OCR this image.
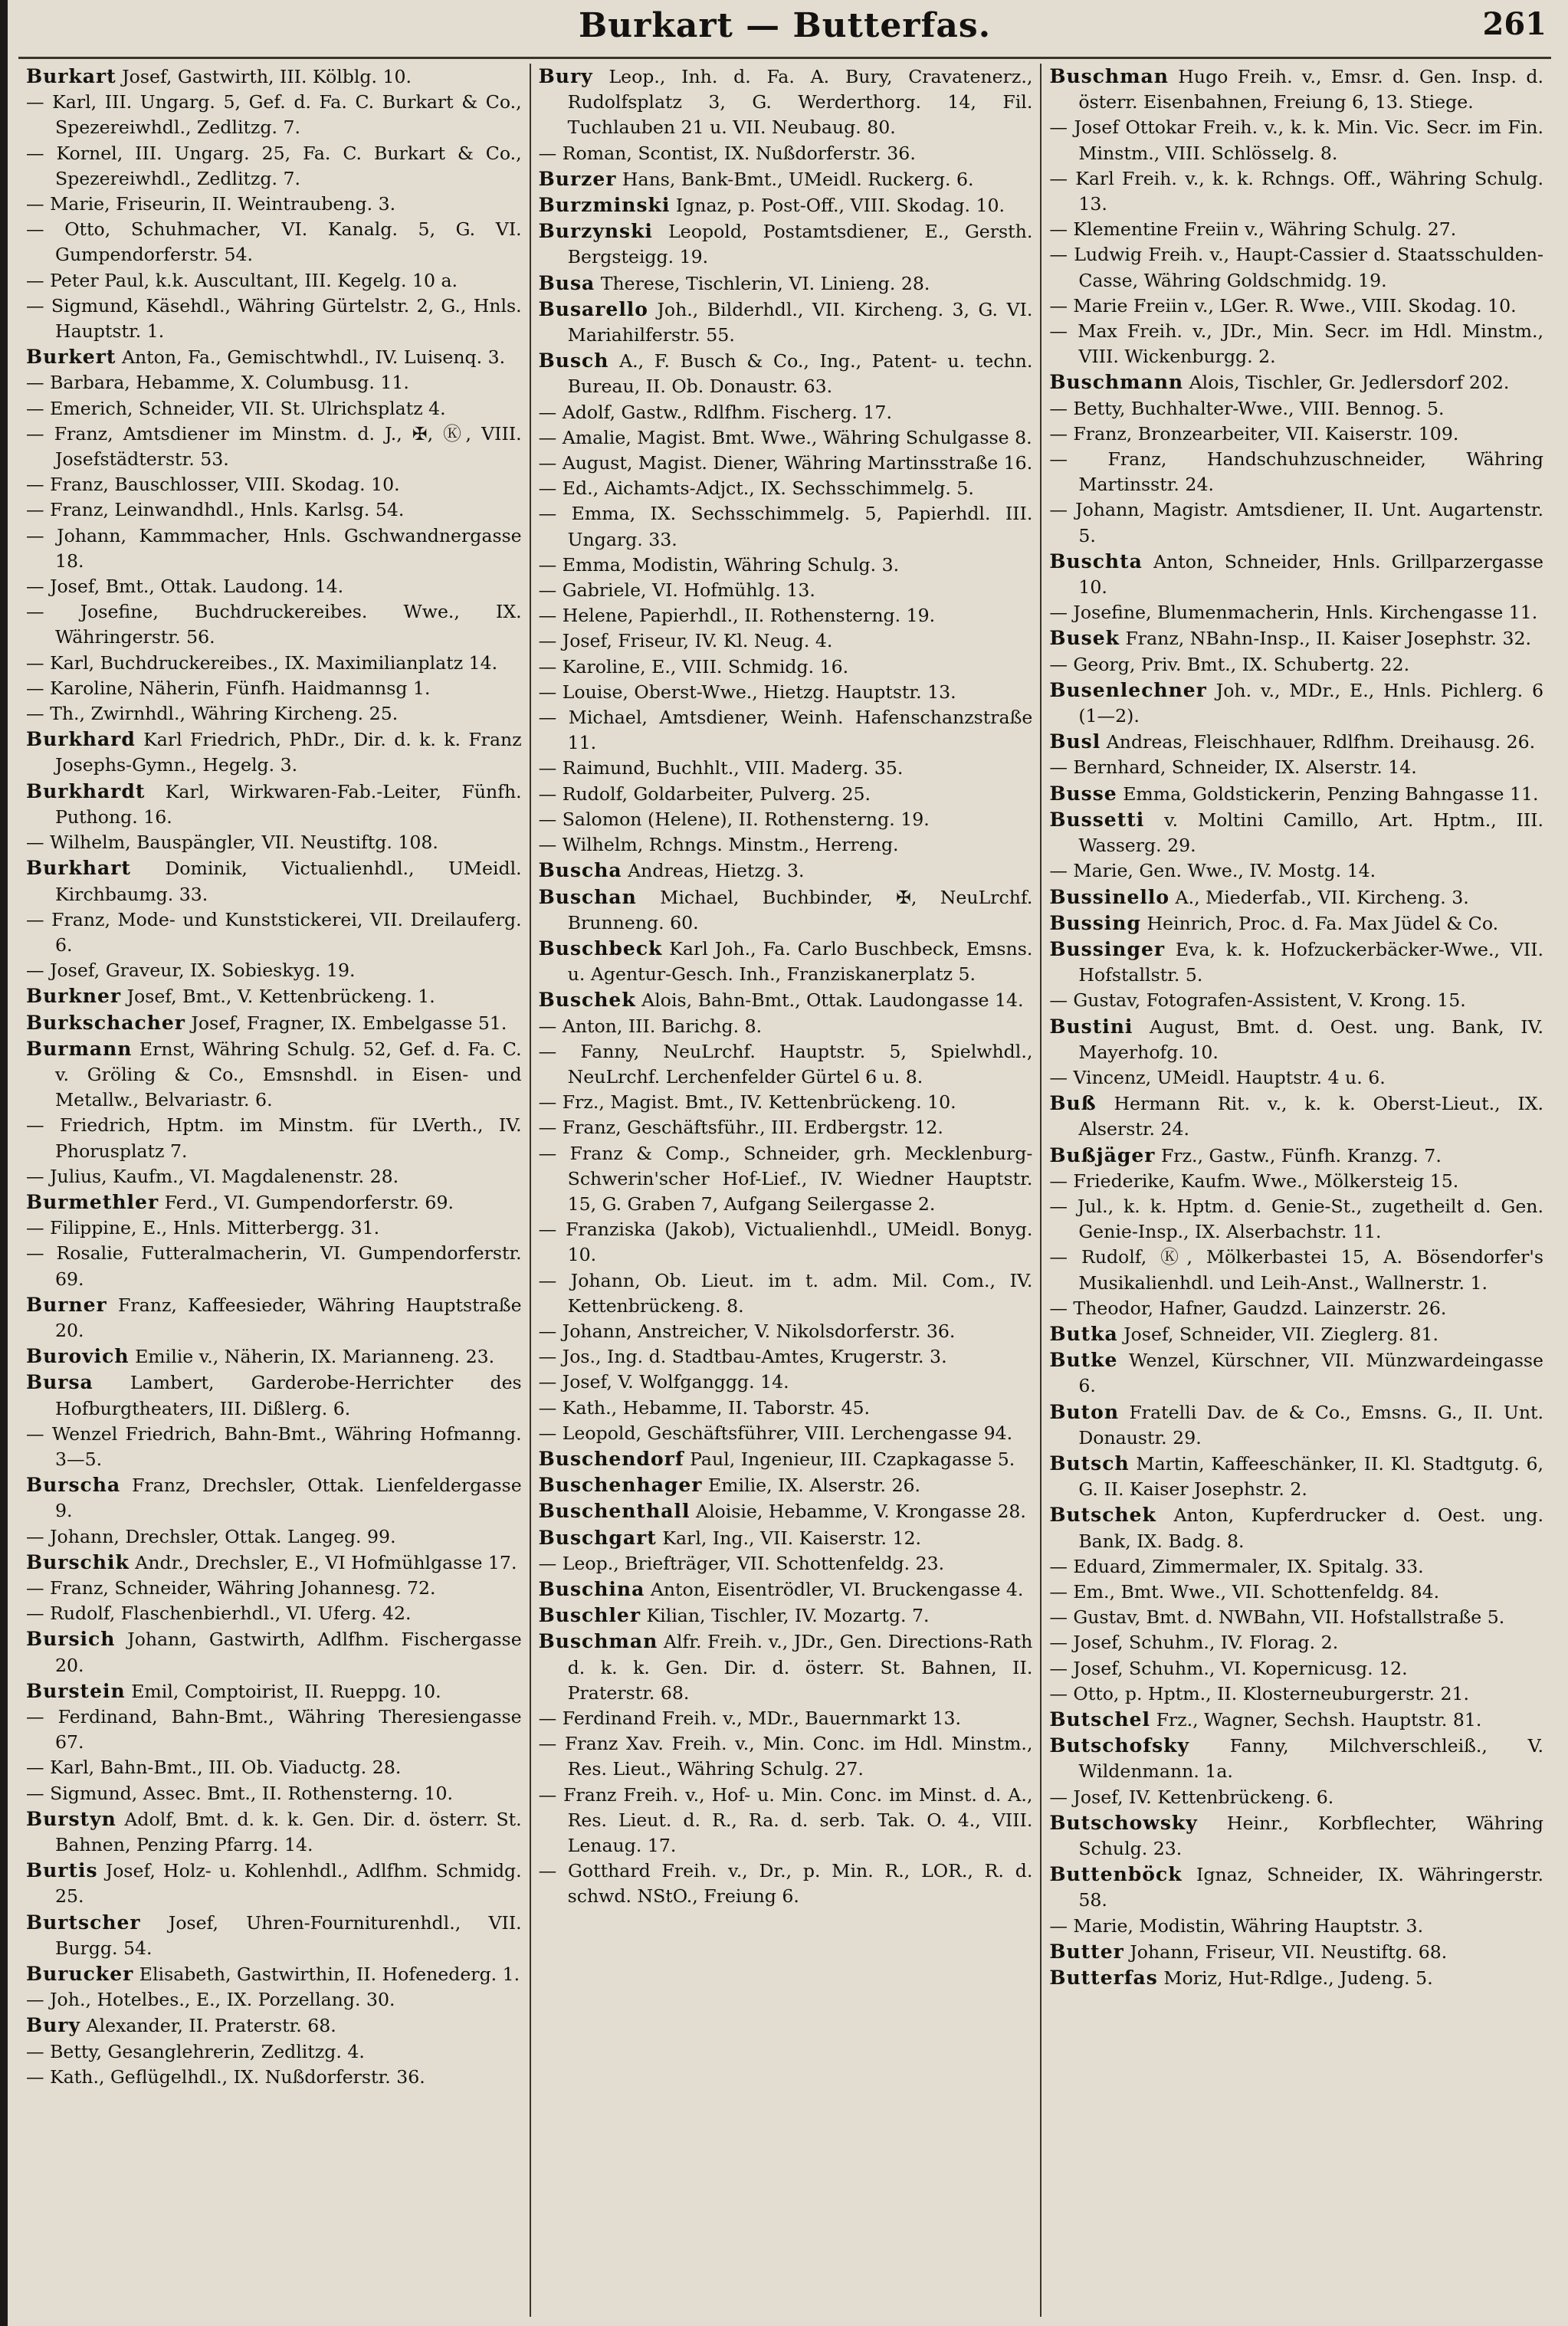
Burkart — Butterfas.	261

Burkart Josef, Gastwirth, III. Kölblg. 10.

— Karl, III. Ungarg. 5, Gef. d. Fa. C. Burkart & Co., Spezereiwhdl., Zedlitzg. 7.

— Kornel, III. Ungarg. 25, Fa. C. Burkart & Co., Spezereiwhdl., Zedlitzg. 7.

— Marie, Friseurin, II. Weintraubeng. 3.

— Otto, Schuhmacher, VI. Kanalg. 5, G. VI. Gumpendorferstr. 54.

— Peter Paul, k.k. Auscultant, III. Kegelg. 10 a.

— Sigmund, Käsehdl., Währing Gürtelstr. 2, G., Hnls. Hauptstr. 1.

Burkert Anton, Fa., Gemischtwhdl., IV. Luisenq. 3.

— Barbara, Hebamme, X. Columbusg. 11.

— Emerich, Schneider, VII. St. Ulrichsplatz 4.

— Franz, Amtsdiener im Minstm. d. J., ✠, Ⓚ, VIII. Josefstädterstr. 53.

— Franz, Bauschlosser, VIII. Skodag. 10.

— Franz, Leinwandhdl., Hnls. Karlsg. 54.

— Johann, Kammmacher, Hnls. Gschwandnergasse 18.

— Josef, Bmt., Ottak. Laudong. 14.

— Josefine, Buchdruckereibes. Wwe., IX. Währingerstr. 56.

— Karl, Buchdruckereibes., IX. Maximilianplatz 14.

— Karoline, Näherin, Fünfh. Haidmannsg 1.

— Th., Zwirnhdl., Währing Kircheng. 25.

Burkhard Karl Friedrich, PhDr., Dir. d. k. k. Franz Josephs-Gymn., Hegelg. 3.

Burkhardt Karl, Wirkwaren-Fab.-Leiter, Fünfh. Puthong. 16.

— Wilhelm, Bauspängler, VII. Neustiftg. 108.

Burkhart Dominik, Victualienhdl., UMeidl. Kirchbaumg. 33.

— Franz, Mode- und Kunststickerei, VII. Dreilauferg. 6.

— Josef, Graveur, IX. Sobieskyg. 19.

Burkner Josef, Bmt., V. Kettenbrückeng. 1.

Burkschacher Josef, Fragner, IX. Embelgasse 51.

Burmann Ernst, Währing Schulg. 52, Gef. d. Fa. C. v. Gröling & Co., Emsnshdl. in Eisen- und Metallw., Belvariastr. 6.

— Friedrich, Hptm. im Minstm. für LVerth., IV. Phorusplatz 7.

— Julius, Kaufm., VI. Magdalenenstr. 28.

Burmethler Ferd., VI. Gumpendorferstr. 69.

— Filippine, E., Hnls. Mitterbergg. 31.

— Rosalie, Futteralmacherin, VI. Gumpendorferstr. 69.

Burner Franz, Kaffeesieder, Währing Hauptstraße 20.

Burovich Emilie v., Näherin, IX. Marianneng. 23.

Bursa Lambert, Garderobe-Herrichter des Hofburgtheaters, III. Dißlerg. 6.

— Wenzel Friedrich, Bahn-Bmt., Währing Hofmanng. 3—5.

Burscha Franz, Drechsler, Ottak. Lienfeldergasse 9.

— Johann, Drechsler, Ottak. Langeg. 99.

Burschik Andr., Drechsler, E., VI Hofmühlgasse 17.

— Franz, Schneider, Währing Johannesg. 72.

— Rudolf, Flaschenbierhdl., VI. Uferg. 42.

Bursich Johann, Gastwirth, Adlfhm. Fischergasse 20.

Burstein Emil, Comptoirist, II. Rueppg. 10.

— Ferdinand, Bahn-Bmt., Währing Theresiengasse 67.

— Karl, Bahn-Bmt., III. Ob. Viaductg. 28.

— Sigmund, Assec. Bmt., II. Rothensterng. 10.

Burstyn Adolf, Bmt. d. k. k. Gen. Dir. d. österr. St. Bahnen, Penzing Pfarrg. 14.

Burtis Josef, Holz- u. Kohlenhdl., Adlfhm. Schmidg. 25.

Burtscher Josef, Uhren-Fourniturenhdl., VII. Burgg. 54.

Burucker Elisabeth, Gastwirthin, II. Hofenederg. 1.

— Joh., Hotelbes., E., IX. Porzellang. 30.

Bury Alexander, II. Praterstr. 68.

— Betty, Gesanglehrerin, Zedlitzg. 4.

— Kath., Geflügelhdl., IX. Nußdorferstr. 36.

Bury Leop., Inh. d. Fa. A. Bury, Cravatenerz., Rudolfsplatz 3, G. Werderthorg. 14, Fil. Tuchlauben 21 u. VII. Neubaug. 80.

— Roman, Scontist, IX. Nußdorferstr. 36.

Burzer Hans, Bank-Bmt., UMeidl. Ruckerg. 6.

Burzminski Ignaz, p. Post-Off., VIII. Skodag. 10.

Burzynski Leopold, Postamtsdiener, E., Gersth. Bergsteigg. 19.

Busa Therese, Tischlerin, VI. Linieng. 28.

Busarello Joh., Bilderhdl., VII. Kircheng. 3, G. VI. Mariahilferstr. 55.

Busch A., F. Busch & Co., Ing., Patent- u. techn. Bureau, II. Ob. Donaustr. 63.

— Adolf, Gastw., Rdlfhm. Fischerg. 17.

— Amalie, Magist. Bmt. Wwe., Währing Schulgasse 8.

— August, Magist. Diener, Währing Martinsstraße 16.

— Ed., Aichamts-Adjct., IX. Sechsschimmelg. 5.

— Emma, IX. Sechsschimmelg. 5, Papierhdl. III. Ungarg. 33.

— Emma, Modistin, Währing Schulg. 3.

— Gabriele, VI. Hofmühlg. 13.

— Helene, Papierhdl., II. Rothensterng. 19.

— Josef, Friseur, IV. Kl. Neug. 4.

— Karoline, E., VIII. Schmidg. 16.

— Louise, Oberst-Wwe., Hietzg. Hauptstr. 13.

— Michael, Amtsdiener, Weinh. Hafenschanzstraße 11.

— Raimund, Buchhlt., VIII. Maderg. 35.

— Rudolf, Goldarbeiter, Pulverg. 25.

— Salomon (Helene), II. Rothensterng. 19.

— Wilhelm, Rchngs. Minstm., Herreng.

Buscha Andreas, Hietzg. 3.

Buschan Michael, Buchbinder, ✠, NeuLrchf. Brunneng. 60.

Buschbeck Karl Joh., Fa. Carlo Buschbeck, Emsns. u. Agentur-Gesch. Inh., Franziskanerplatz 5.

Buschek Alois, Bahn-Bmt., Ottak. Laudongasse 14.

— Anton, III. Barichg. 8.

— Fanny, NeuLrchf. Hauptstr. 5, Spielwhdl., NeuLrchf. Lerchenfelder Gürtel 6 u. 8.

— Frz., Magist. Bmt., IV. Kettenbrückeng. 10.

— Franz, Geschäftsführ., III. Erdbergstr. 12.

— Franz & Comp., Schneider, grh. Mecklenburg-Schwerin'scher Hof-Lief., IV. Wiedner Hauptstr. 15, G. Graben 7, Aufgang Seilergasse 2.

— Franziska (Jakob), Victualienhdl., UMeidl. Bonyg. 10.

— Johann, Ob. Lieut. im t. adm. Mil. Com., IV. Kettenbrückeng. 8.

— Johann, Anstreicher, V. Nikolsdorferstr. 36.

— Jos., Ing. d. Stadtbau-Amtes, Krugerstr. 3.

— Josef, V. Wolfganggg. 14.

— Kath., Hebamme, II. Taborstr. 45.

— Leopold, Geschäftsführer, VIII. Lerchengasse 94.

Buschendorf Paul, Ingenieur, III. Czapkagasse 5.

Buschenhager Emilie, IX. Alserstr. 26.

Buschenthall Aloisie, Hebamme, V. Krongasse 28.

Buschgart Karl, Ing., VII. Kaiserstr. 12.

— Leop., Briefträger, VII. Schottenfeldg. 23.

Buschina Anton, Eisentrödler, VI. Bruckengasse 4.

Buschler Kilian, Tischler, IV. Mozartg. 7.

Buschman Alfr. Freih. v., JDr., Gen. Directions-Rath d. k. k. Gen. Dir. d. österr. St. Bahnen, II. Praterstr. 68.

— Ferdinand Freih. v., MDr., Bauernmarkt 13.

— Franz Xav. Freih. v., Min. Conc. im Hdl. Minstm., Res. Lieut., Währing Schulg. 27.

— Franz Freih. v., Hof- u. Min. Conc. im Minst. d. A., Res. Lieut. d. R., Ra. d. serb. Tak. O. 4., VIII. Lenaug. 17.

— Gotthard Freih. v., Dr., p. Min. R., LOR., R. d. schwd. NStO., Freiung 6.

Buschman Hugo Freih. v., Emsr. d. Gen. Insp. d. österr. Eisenbahnen, Freiung 6, 13. Stiege.

— Josef Ottokar Freih. v., k. k. Min. Vic. Secr. im Fin. Minstm., VIII. Schlösselg. 8.

— Karl Freih. v., k. k. Rchngs. Off., Währing Schulg. 13.

— Klementine Freiin v., Währing Schulg. 27.

— Ludwig Freih. v., Haupt-Cassier d. Staatsschulden-Casse, Währing Goldschmidg. 19.

— Marie Freiin v., LGer. R. Wwe., VIII. Skodag. 10.

— Max Freih. v., JDr., Min. Secr. im Hdl. Minstm., VIII. Wickenburgg. 2.

Buschmann Alois, Tischler, Gr. Jedlersdorf 202.

— Betty, Buchhalter-Wwe., VIII. Bennog. 5.

— Franz, Bronzearbeiter, VII. Kaiserstr. 109.

— Franz, Handschuhzuschneider, Währing Martinsstr. 24.

— Johann, Magistr. Amtsdiener, II. Unt. Augartenstr. 5.

Buschta Anton, Schneider, Hnls. Grillparzergasse 10.

— Josefine, Blumenmacherin, Hnls. Kirchengasse 11.

Busek Franz, NBahn-Insp., II. Kaiser Josephstr. 32.

— Georg, Priv. Bmt., IX. Schubertg. 22.

Busenlechner Joh. v., MDr., E., Hnls. Pichlerg. 6 (1—2).

Busl Andreas, Fleischhauer, Rdlfhm. Dreihausg. 26.

— Bernhard, Schneider, IX. Alserstr. 14.

Busse Emma, Goldstickerin, Penzing Bahngasse 11.

Bussetti v. Moltini Camillo, Art. Hptm., III. Wasserg. 29.

— Marie, Gen. Wwe., IV. Mostg. 14.

Bussinello A., Miederfab., VII. Kircheng. 3.

Bussing Heinrich, Proc. d. Fa. Max Jüdel & Co.

Bussinger Eva, k. k. Hofzuckerbäcker-Wwe., VII. Hofstallstr. 5.

— Gustav, Fotografen-Assistent, V. Krong. 15.

Bustini August, Bmt. d. Oest. ung. Bank, IV. Mayerhofg. 10.

— Vincenz, UMeidl. Hauptstr. 4 u. 6.

Buß Hermann Rit. v., k. k. Oberst-Lieut., IX. Alserstr. 24.

Bußjäger Frz., Gastw., Fünfh. Kranzg. 7.

— Friederike, Kaufm. Wwe., Mölkersteig 15.

— Jul., k. k. Hptm. d. Genie-St., zugetheilt d. Gen. Genie-Insp., IX. Alserbachstr. 11.

— Rudolf, Ⓚ, Mölkerbastei 15, A. Bösendorfer's Musikalienhdl. und Leih-Anst., Wallnerstr. 1.

— Theodor, Hafner, Gaudzd. Lainzerstr. 26.

Butka Josef, Schneider, VII. Zieglerg. 81.

Butke Wenzel, Kürschner, VII. Münzwardeingasse 6.

Buton Fratelli Dav. de & Co., Emsns. G., II. Unt. Donaustr. 29.

Butsch Martin, Kaffeeschänker, II. Kl. Stadtgutg. 6, G. II. Kaiser Josephstr. 2.

Butschek Anton, Kupferdrucker d. Oest. ung. Bank, IX. Badg. 8.

— Eduard, Zimmermaler, IX. Spitalg. 33.

— Em., Bmt. Wwe., VII. Schottenfeldg. 84.

— Gustav, Bmt. d. NWBahn, VII. Hofstallstraße 5.

— Josef, Schuhm., IV. Florag. 2.

— Josef, Schuhm., VI. Kopernicusg. 12.

— Otto, p. Hptm., II. Klosterneuburgerstr. 21.

Butschel Frz., Wagner, Sechsh. Hauptstr. 81.

Butschofsky Fanny, Milchverschleiß., V. Wildenmann. 1a.

— Josef, IV. Kettenbrückeng. 6.

Butschowsky Heinr., Korbflechter, Währing Schulg. 23.

Buttenböck Ignaz, Schneider, IX. Währingerstr. 58.

— Marie, Modistin, Währing Hauptstr. 3.

Butter Johann, Friseur, VII. Neustiftg. 68.

Butterfas Moriz, Hut-Rdlge., Judeng. 5.
